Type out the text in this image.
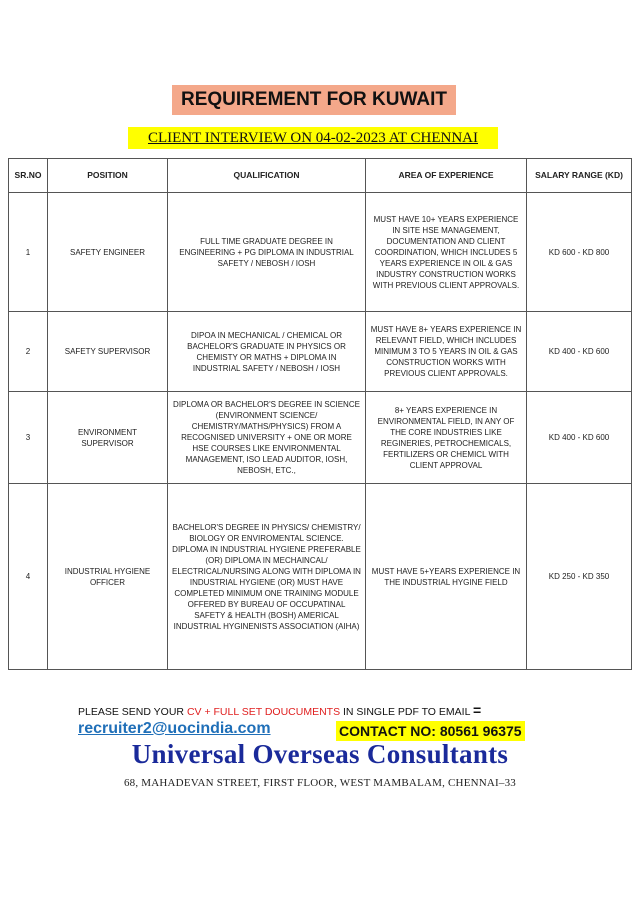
REQUIREMENT FOR KUWAIT
CLIENT INTERVIEW ON 04-02-2023 AT CHENNAI
SR.NO	POSITION	QUALIFICATION	AREA OF EXPERIENCE	SALARY RANGE (KD)
1	SAFETY ENGINEER	FULL TIME GRADUATE DEGREE IN ENGINEERING + PG DIPLOMA IN INDUSTRIAL SAFETY / NEBOSH / IOSH	MUST HAVE 10+ YEARS EXPERIENCE IN SITE HSE MANAGEMENT, DOCUMENTATION AND CLIENT COORDINATION, WHICH INCLUDES 5 YEARS EXPERIENCE IN OIL & GAS INDUSTRY CONSTRUCTION WORKS WITH PREVIOUS CLIENT APPROVALS.	KD 600 - KD 800
2	SAFETY SUPERVISOR	DIPOA IN MECHANICAL / CHEMICAL OR BACHELOR'S GRADUATE IN PHYSICS OR CHEMISTY OR MATHS + DIPLOMA IN INDUSTRIAL SAFETY / NEBOSH / IOSH	MUST HAVE 8+ YEARS EXPERIENCE IN RELEVANT FIELD, WHICH INCLUDES MINIMUM 3 TO 5 YEARS IN OIL & GAS CONSTRUCTION WORKS WITH PREVIOUS CLIENT APPROVALS.	KD 400 - KD 600
3	ENVIRONMENT SUPERVISOR	DIPLOMA OR BACHELOR'S DEGREE IN SCIENCE (ENVIRONMENT SCIENCE/ CHEMISTRY/MATHS/PHYSICS) FROM A RECOGNISED UNIVERSITY + ONE OR MORE HSE COURSES LIKE ENVIRONMENTAL MANAGEMENT, ISO LEAD AUDITOR, IOSH, NEBOSH, ETC.,	8+ YEARS EXPERIENCE IN ENVIRONMENTAL FIELD, IN ANY OF THE CORE INDUSTRIES LIKE REGINERIES, PETROCHEMICALS, FERTILIZERS OR CHEMICL WITH CLIENT APPROVAL	KD 400 - KD 600
4	INDUSTRIAL HYGIENE OFFICER	BACHELOR'S DEGREE IN PHYSICS/ CHEMISTRY/ BIOLOGY OR ENVIROMENTAL SCIENCE. DIPLOMA IN INDUSTRIAL HYGIENE PREFERABLE (OR) DIPLOMA IN MECHAINCAL/ ELECTRICAL/NURSING ALONG WITH DIPLOMA IN INDUSTRIAL HYGIENE (OR) MUST HAVE COMPLETED MINIMUM ONE TRAINING MODULE OFFERED BY BUREAU OF OCCUPATINAL SAFETY & HEALTH (BOSH) AMERICAL INDUSTRIAL HYGINENISTS ASSOCIATION (AIHA)	MUST HAVE 5+YEARS EXPERIENCE IN THE INDUSTRIAL HYGINE FIELD	KD 250 - KD 350
PLEASE SEND YOUR CV + FULL SET DOUCUMENTS IN SINGLE PDF TO EMAIL =
recruiter2@uocindia.com	CONTACT NO: 80561 96375
Universal Overseas Consultants
68, MAHADEVAN STREET, FIRST FLOOR, WEST MAMBALAM, CHENNAI–33
